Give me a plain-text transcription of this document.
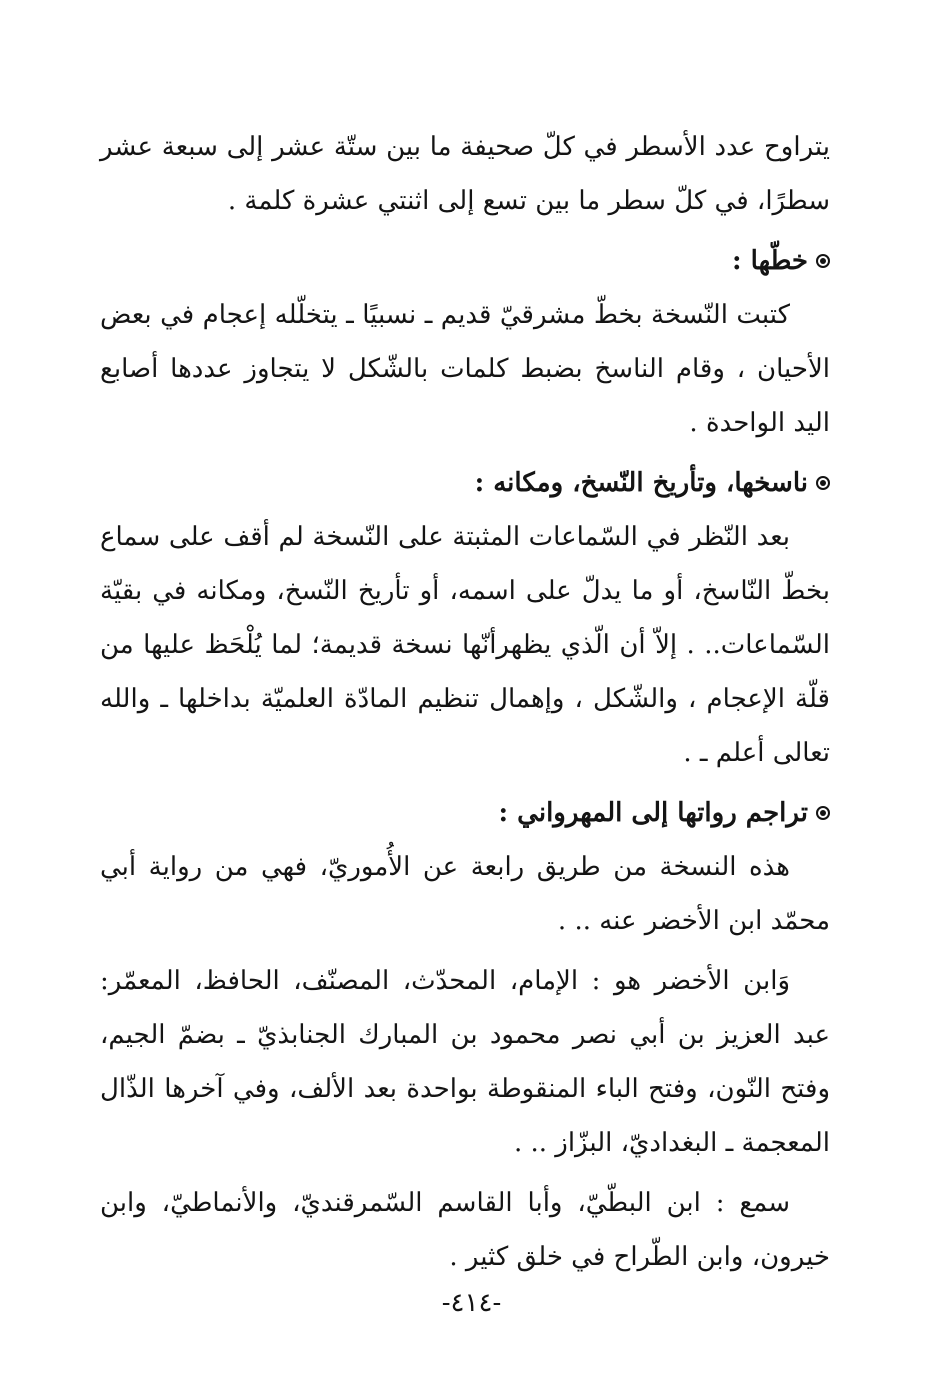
يتراوح عدد الأسطر في كلّ صحيفة ما بين ستّة عشر إلى سبعة عشر سطرًا، في كلّ سطر ما بين تسع إلى اثنتي عشرة كلمة .

خطّها :

كتبت النّسخة بخطّ مشرقيّ قديم ـ نسبيًا ـ يتخلّله إعجام في بعض الأحيان ، وقام الناسخ بضبط كلمات بالشّكل لا يتجاوز عددها أصابع اليد الواحدة .

ناسخها، وتأريخ النّسخ، ومكانه :

بعد النّظر في السّماعات المثبتة على النّسخة لم أقف على سماع بخطّ النّاسخ، أو ما يدلّ على اسمه، أو تأريخ النّسخ، ومكانه في بقيّة السّماعات.. . إلاّ أن الّذي يظهرأنّها نسخة قديمة؛ لما يُلْحَظ عليها من قلّة الإعجام ، والشّكل ، وإهمال تنظيم المادّة العلميّة بداخلها ـ والله تعالى أعلم ـ .

تراجم رواتها إلى المهرواني :

هذه النسخة من طريق رابعة عن الأُموريّ، فهي من رواية أبي محمّد ابن الأخضر عنه .. .

وَابن الأخضر هو : الإمام، المحدّث، المصنّف، الحافظ، المعمّر: عبد العزيز بن أبي نصر محمود بن المبارك الجنابذيّ ـ بضمّ الجيم، وفتح النّون، وفتح الباء المنقوطة بواحدة بعد الألف، وفي آخرها الذّال المعجمة ـ البغداديّ، البزّاز .. .

سمع : ابن البطّيّ، وأبا القاسم السّمرقنديّ، والأنماطيّ، وابن خيرون، وابن الطّراح في خلق كثير .

-٤١٤-
